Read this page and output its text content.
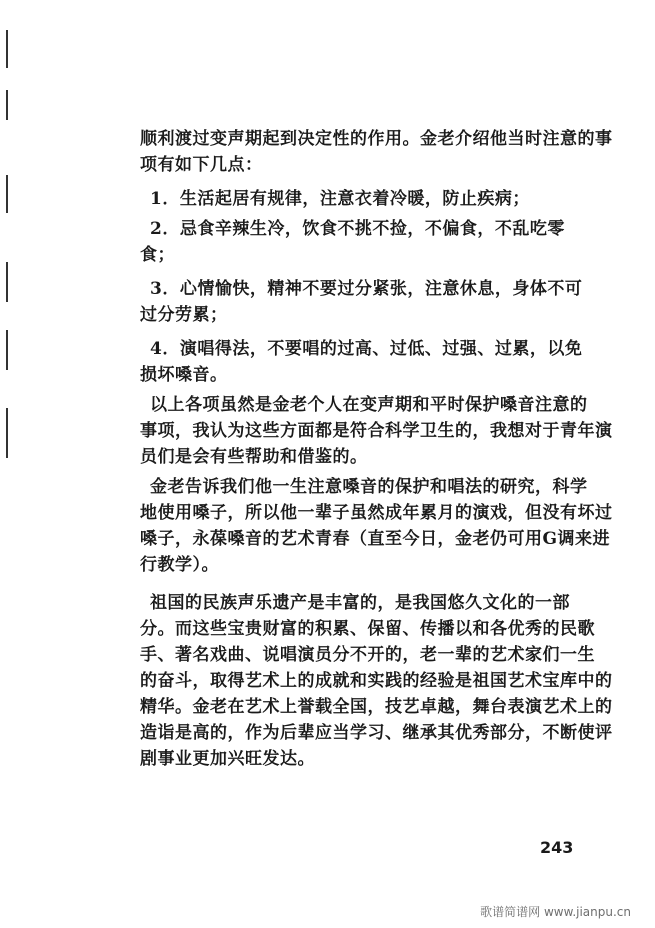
顺利渡过变声期起到决定性的作用。金老介绍他当时注意的事
项有如下几点：
1．生活起居有规律，注意衣着冷暖，防止疾病；
2．忌食辛辣生冷，饮食不挑不捡，不偏食，不乱吃零
食；
3．心情愉快，精神不要过分紧张，注意休息，身体不可
过分劳累；
4．演唱得法，不要唱的过高、过低、过强、过累，以免
损坏嗓音。
以上各项虽然是金老个人在变声期和平时保护嗓音注意的
事项，我认为这些方面都是符合科学卫生的，我想对于青年演
员们是会有些帮助和借鉴的。
金老告诉我们他一生注意嗓音的保护和唱法的研究，科学
地使用嗓子，所以他一辈子虽然成年累月的演戏，但没有坏过
嗓子，永葆嗓音的艺术青春（直至今日，金老仍可用G调来进
行教学）。
祖国的民族声乐遗产是丰富的，是我国悠久文化的一部
分。而这些宝贵财富的积累、保留、传播以和各优秀的民歌
手、著名戏曲、说唱演员分不开的，老一辈的艺术家们一生
的奋斗，取得艺术上的成就和实践的经验是祖国艺术宝库中的
精华。金老在艺术上誉载全国，技艺卓越，舞台表演艺术上的
造诣是高的，作为后辈应当学习、继承其优秀部分，不断使评
剧事业更加兴旺发达。
243
歌谱简谱网 www.jianpu.cn
